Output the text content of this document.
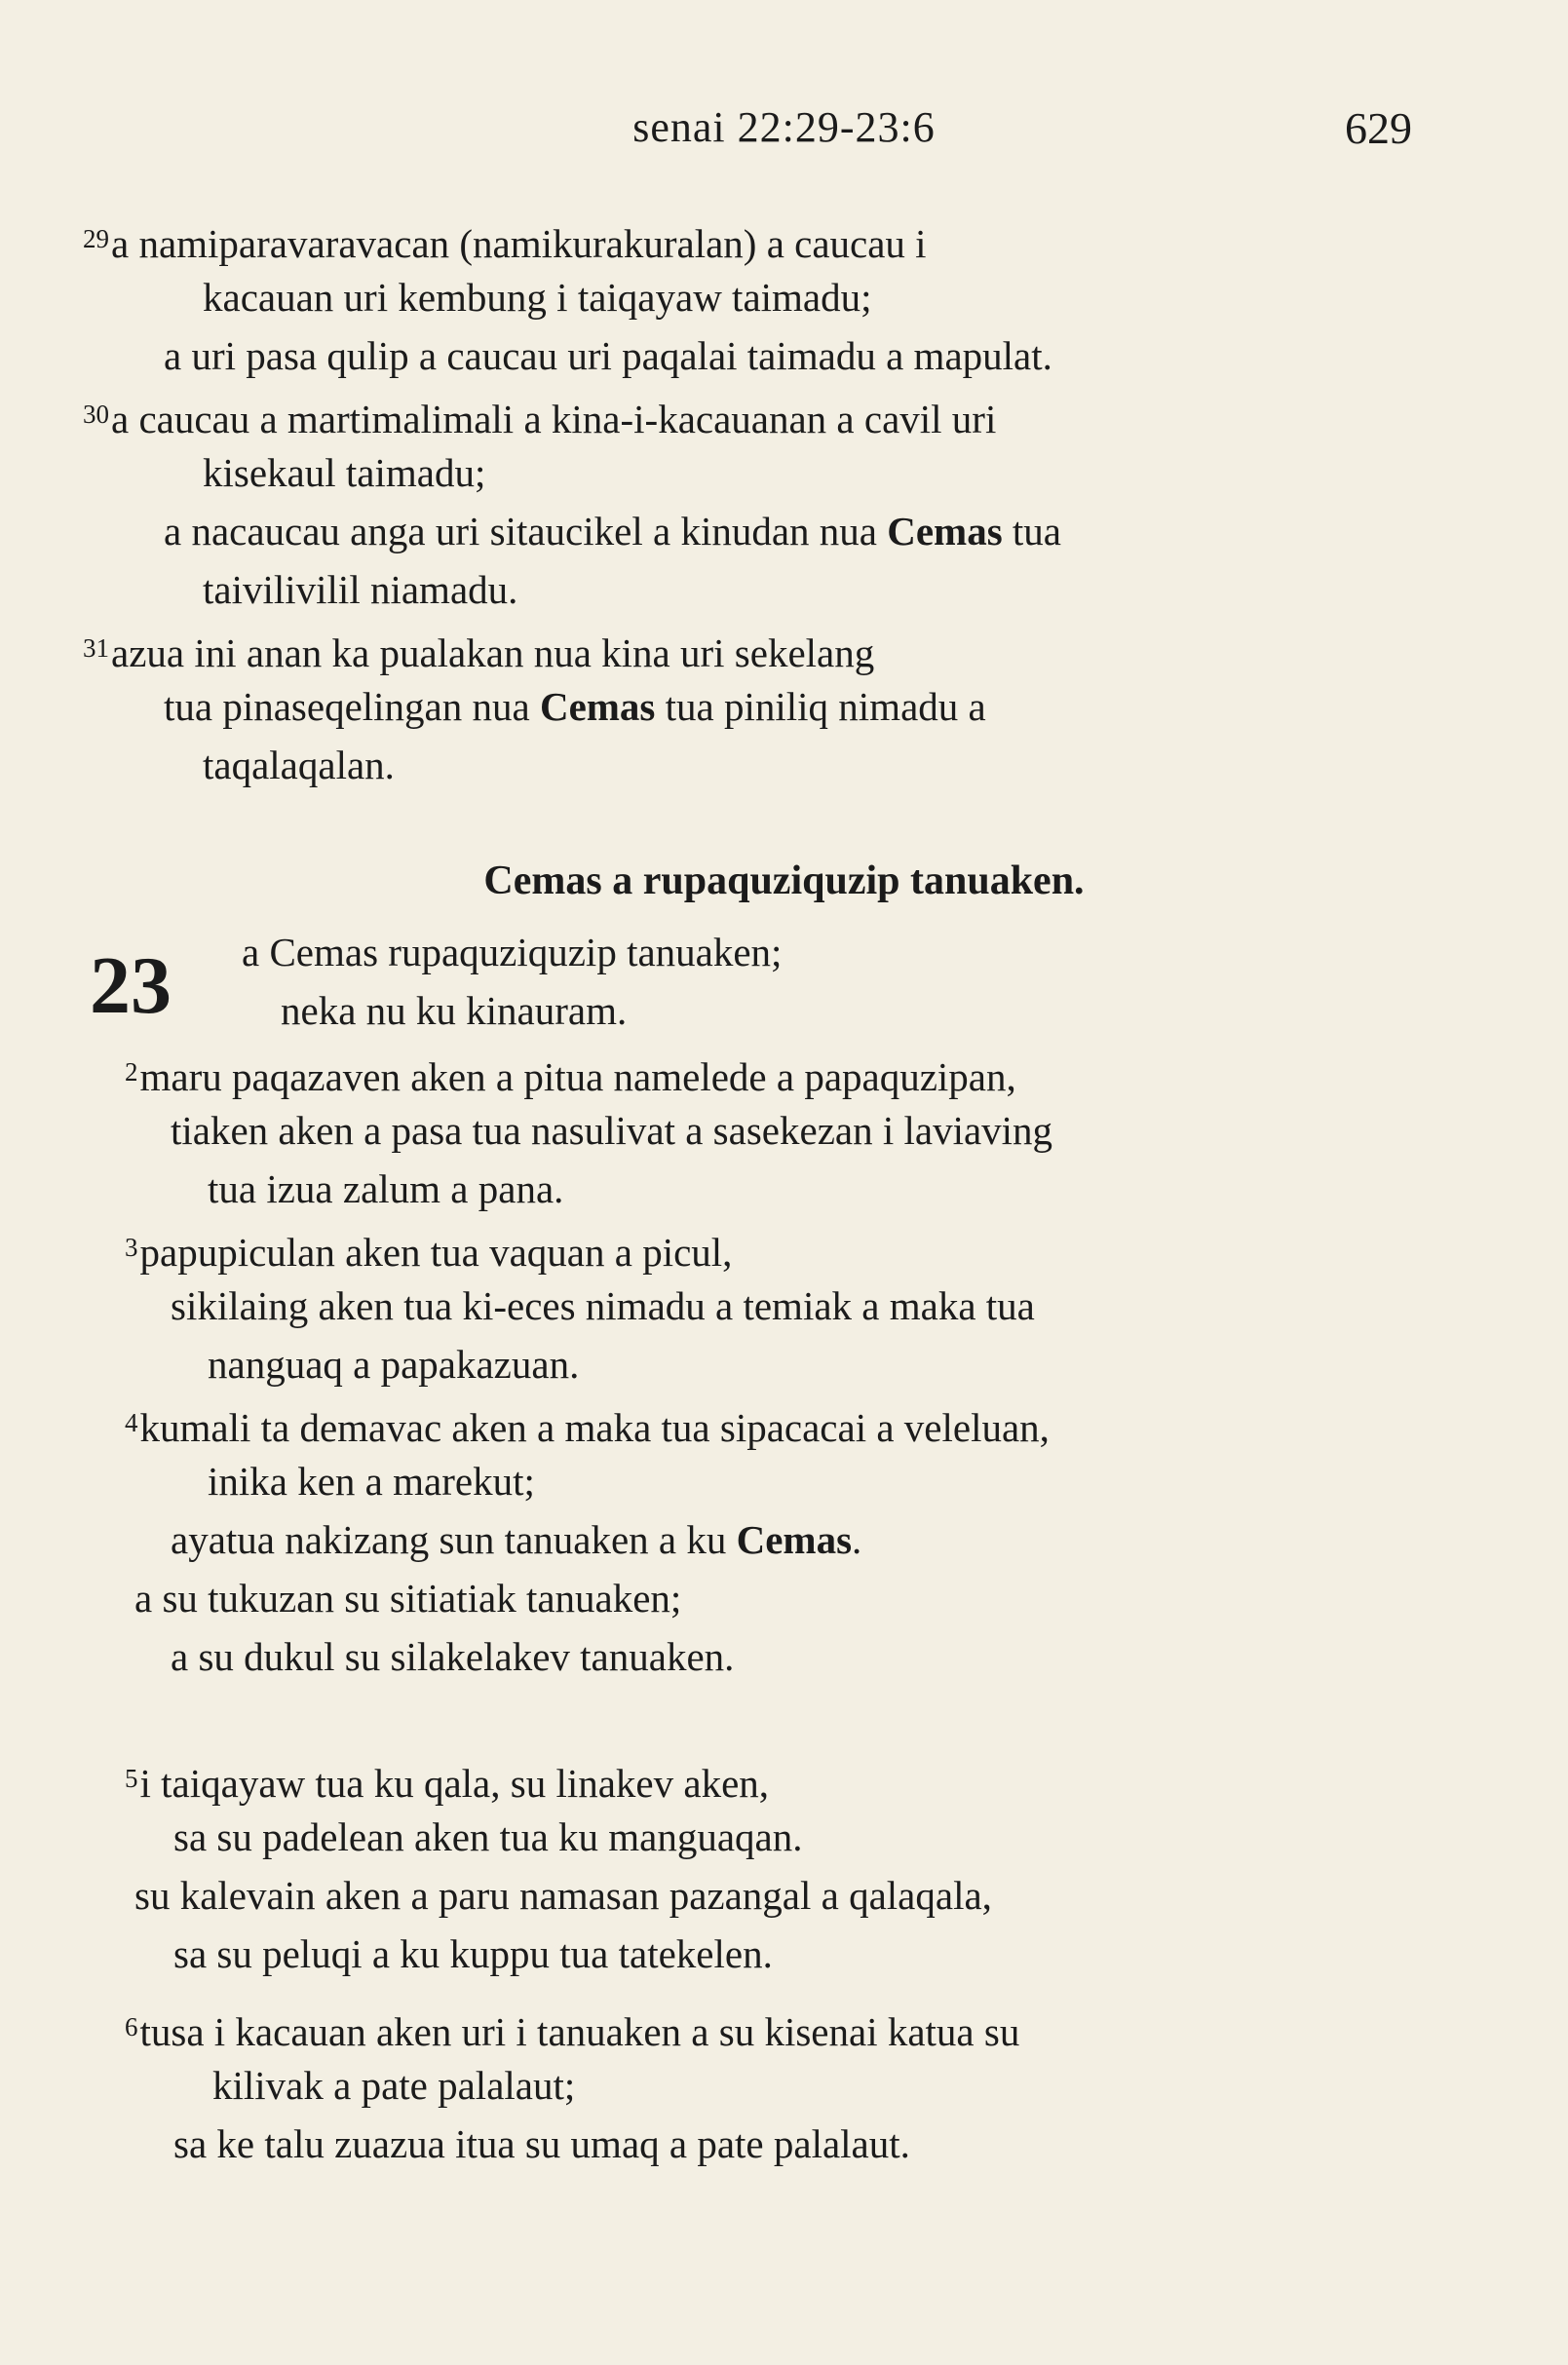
senai 22:29-23:6	629
$^{29}$a namiparavaravacan (namikurakuralan) a caucau i
kacauan uri kembung i taiqayaw taimadu;
a uri pasa qulip a caucau uri paqalai taimadu a mapulat.
$^{30}$a caucau a martimalimali a kina-i-kacauanan a cavil uri
kisekaul taimadu;
a nacaucau anga uri sitaucikel a kinudan nua Cemas tua
taivilivilil niamadu.
$^{31}$azua ini anan ka pualakan nua kina uri sekelang
tua pinaseqelingan nua Cemas tua piniliq nimadu a
taqalaqalan.
Cemas a rupaquziquzip tanuaken.
23 a Cemas rupaquziquzip tanuaken;
neka nu ku kinauram.
$^2$maru paqazaven aken a pitua namelede a papaquzipan,
tiaken aken a pasa tua nasulivat a sasekezan i laviaving
tua izua zalum a pana.
$^3$papupiculan aken tua vaquan a picul,
sikilaing aken tua ki-eces nimadu a temiak a maka tua
nanguaq a papakazuan.
$^4$kumali ta demavac aken a maka tua sipacacai a veleluan,
inika ken a marekut;
ayatua nakizang sun tanuaken a ku Cemas.
a su tukuzan su sitiatiak tanuaken;
a su dukul su silakelakev tanuaken.
$^5$i taiqayaw tua ku qala, su linakev aken,
sa su padelean aken tua ku manguaqan.
su kalevain aken a paru namasan pazangal a qalaqala,
sa su peluqi a ku kuppu tua tatekelen.
$^6$tusa i kacauan aken uri i tanuaken a su kisenai katua su
kilivak a pate palalaut;
sa ke talu zuazua itua su umaq a pate palalaut.
